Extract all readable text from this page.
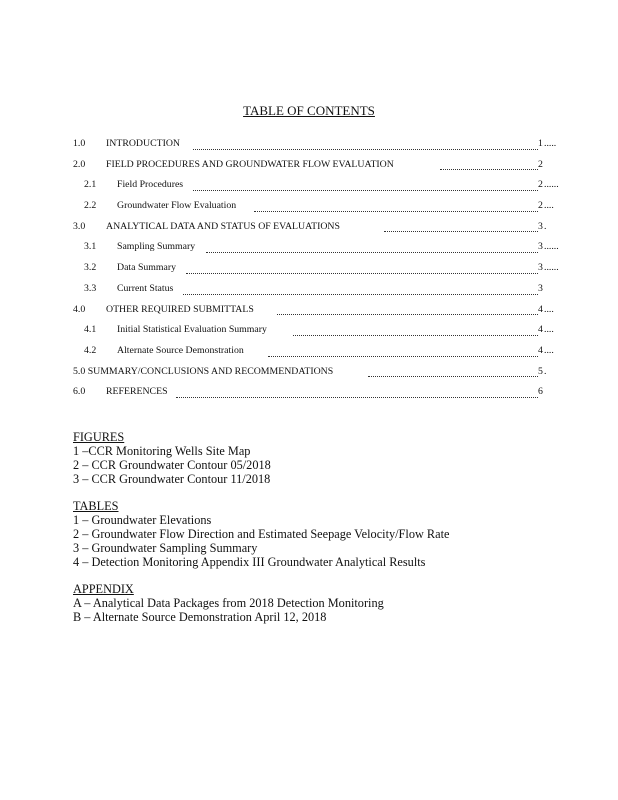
TABLE OF CONTENTS
1.0 INTRODUCTION	1 .....
2.0 FIELD PROCEDURES AND GROUNDWATER FLOW EVALUATION	2
2.1 Field Procedures	2 ......
2.2 Groundwater Flow Evaluation	2 ....
3.0 ANALYTICAL DATA AND STATUS OF EVALUATIONS	3 .
3.1 Sampling Summary	3 ......
3.2 Data Summary	3 ......
3.3 Current Status	3
4.0 OTHER REQUIRED SUBMITTALS	4 ....
4.1 Initial Statistical Evaluation Summary	4 ....
4.2 Alternate Source Demonstration	4 ....
5.0 SUMMARY/CONCLUSIONS AND RECOMMENDATIONS	5 .
6.0 REFERENCES	6
FIGURES
1 –CCR Monitoring Wells Site Map
2 – CCR Groundwater Contour 05/2018
3 – CCR Groundwater Contour 11/2018
TABLES
1 – Groundwater Elevations
2 – Groundwater Flow Direction and Estimated Seepage Velocity/Flow Rate
3 – Groundwater Sampling Summary
4 – Detection Monitoring Appendix III Groundwater Analytical Results
APPENDIX
A – Analytical Data Packages from 2018 Detection Monitoring
B – Alternate Source Demonstration April 12, 2018
